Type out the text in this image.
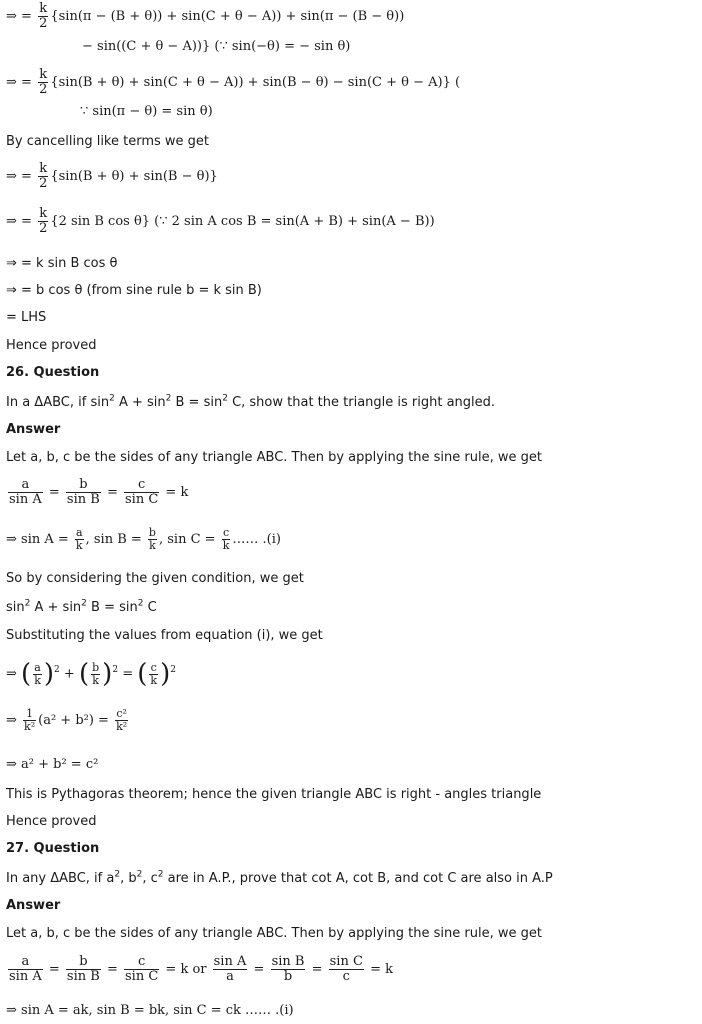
⇒ = $\frac{k}{2} \{\sin(\pi - (B + \theta)) + \sin(C + \theta - A)) + \sin(\pi - (B - \theta))$
− sin((C + θ − A))} (∵ sin(−θ) = − sin θ)
⇒ = $\frac{k}{2} \{\sin(B + \theta) + \sin(C + \theta - A)) + \sin(B - \theta) - \sin(C + \theta - A)$} (
∵ sin(π − θ) = sin θ)
By cancelling like terms we get
⇒ = $\frac{k}{2} \{\sin(B + \theta) + \sin(B - \theta)\}$
⇒ = $\frac{k}{2} \{2$ sin B cos θ} (∵ 2 sin A cos B = sin(A + B) + sin(A − B))
⇒ = k sin B cos θ
⇒ = b cos θ (from sine rule b = k sin B)
= LHS
Hence proved
26. Question
In a ΔABC, if $\sin^2 A + \sin^2 B = \sin^2 C$, show that the triangle is right angled.
Answer
Let a, b, c be the sides of any triangle ABC. Then by applying the sine rule, we get
$\frac{a}{\text{sin A}} = \frac{b}{\text{sin B}} = \frac{c}{\text{sin C}} = k$
⇒ $\sin A = \frac{a}{k}$ , $\sin B = \frac{b}{k}$ , $\sin C = \frac{c}{k}$ …… .(i)
So by considering the given condition, we get
$\sin^2 A + \sin^2 B = \sin^2 C$
Substituting the values from equation (i), we get
⇒ ( $\frac{a}{k} )^2$ + ( $\frac{b}{k} )^2$ = ( $\frac{c}{k} )^2$
⇒ $\frac{1}{\text{k²}} (a^2 + b^2) = \frac{\text{c²}}{\text{k²}}$
⇒ a² + b² = c²
This is Pythagoras theorem; hence the given triangle ABC is right - angles triangle
Hence proved
27. Question
In any ΔABC, if $a^2$, $b^2$, $c^2$ are in A.P., prove that cot A, cot B, and cot C are also in A.P
Answer
Let a, b, c be the sides of any triangle ABC. Then by applying the sine rule, we get
$\frac{a}{\text{sin A}} = \frac{b}{\text{sin B}} = \frac{c}{\text{sin C}} = k$ or $\frac{\text{sin A}}{a} = \frac{\text{sin B}}{b} = \frac{\text{sin C}}{c} = k$
⇒ sin A = ak, sin B = bk, sin C = ck …… .(i)
